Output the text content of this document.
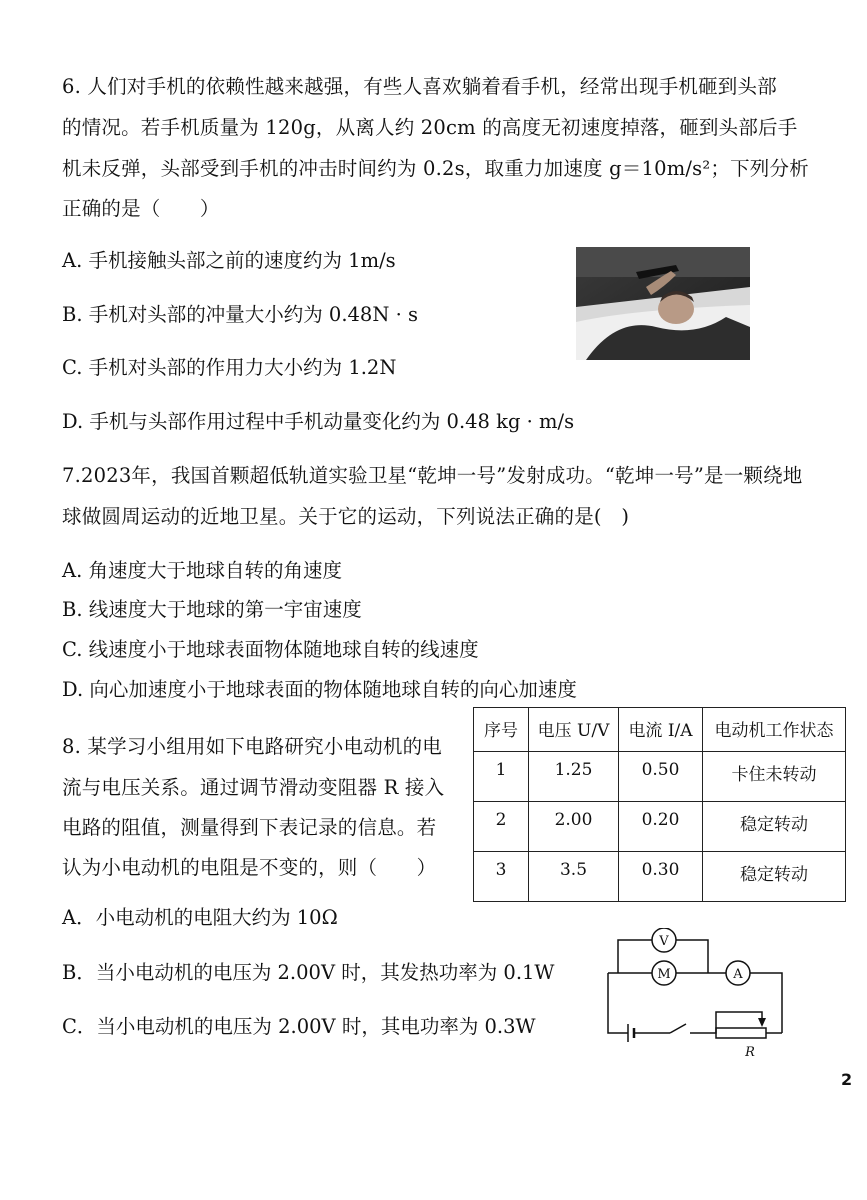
6. 人们对手机的依赖性越来越强，有些人喜欢躺着看手机，经常出现手机砸到头部
的情况。若手机质量为 120g，从离人约 20cm 的高度无初速度掉落，砸到头部后手
机未反弹，头部受到手机的冲击时间约为 0.2s，取重力加速度 g＝10m/s²；下列分析
正确的是（　　）
A. 手机接触头部之前的速度约为 1m/s
B. 手机对头部的冲量大小约为 0.48N · s
C. 手机对头部的作用力大小约为 1.2N
D. 手机与头部作用过程中手机动量变化约为 0.48 kg · m/s
7.2023年，我国首颗超低轨道实验卫星“乾坤一号”发射成功。“乾坤一号”是一颗绕地
球做圆周运动的近地卫星。关于它的运动，下列说法正确的是(　)
A. 角速度大于地球自转的角速度
B. 线速度大于地球的第一宇宙速度
C. 线速度小于地球表面物体随地球自转的线速度
D. 向心加速度小于地球表面的物体随地球自转的向心加速度
8. 某学习小组用如下电路研究小电动机的电
流与电压关系。通过调节滑动变阻器 R 接入
电路的阻值，测量得到下表记录的信息。若
认为小电动机的电阻是不变的，则（　　）
序号	电压 U/V	电流 I/A	电动机工作状态
1	1.25	0.50	卡住未转动
2	2.00	0.20	稳定转动
3	3.5	0.30	稳定转动
A．小电动机的电阻大约为 10Ω
B．当小电动机的电压为 2.00V 时，其发热功率为 0.1W
C．当小电动机的电压为 2.00V 时，其电功率为 0.3W
V
M	A
R
2
